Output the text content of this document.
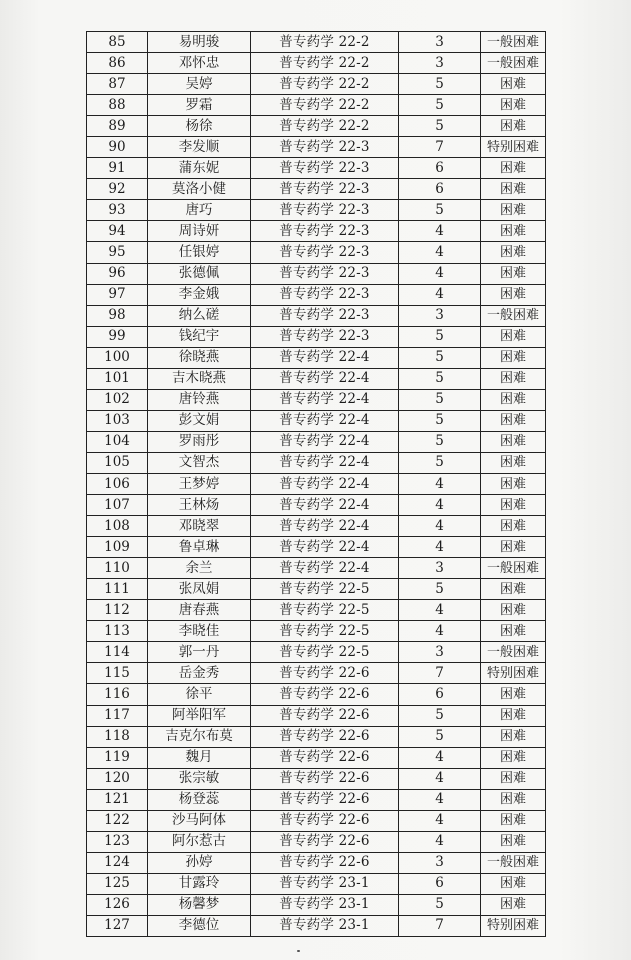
85	易明骏	普专药学 22-2	3	一般困难
86	邓怀忠	普专药学 22-2	3	一般困难
87	吴婷	普专药学 22-2	5	困难
88	罗霜	普专药学 22-2	5	困难
89	杨徐	普专药学 22-2	5	困难
90	李发顺	普专药学 22-3	7	特别困难
91	蒲东妮	普专药学 22-3	6	困难
92	莫洛小健	普专药学 22-3	6	困难
93	唐巧	普专药学 22-3	5	困难
94	周诗妍	普专药学 22-3	4	困难
95	任银婷	普专药学 22-3	4	困难
96	张德佩	普专药学 22-3	4	困难
97	李金娥	普专药学 22-3	4	困难
98	纳么磋	普专药学 22-3	3	一般困难
99	钱纪宇	普专药学 22-3	5	困难
100	徐晓燕	普专药学 22-4	5	困难
101	吉木晓燕	普专药学 22-4	5	困难
102	唐铃燕	普专药学 22-4	5	困难
103	彭文娟	普专药学 22-4	5	困难
104	罗雨彤	普专药学 22-4	5	困难
105	文智杰	普专药学 22-4	5	困难
106	王梦婷	普专药学 22-4	4	困难
107	王林炀	普专药学 22-4	4	困难
108	邓晓翠	普专药学 22-4	4	困难
109	鲁卓琳	普专药学 22-4	4	困难
110	余兰	普专药学 22-4	3	一般困难
111	张凤娟	普专药学 22-5	5	困难
112	唐春燕	普专药学 22-5	4	困难
113	李晓佳	普专药学 22-5	4	困难
114	郭一丹	普专药学 22-5	3	一般困难
115	岳金秀	普专药学 22-6	7	特别困难
116	徐平	普专药学 22-6	6	困难
117	阿举阳军	普专药学 22-6	5	困难
118	吉克尔布莫	普专药学 22-6	5	困难
119	魏月	普专药学 22-6	4	困难
120	张宗敏	普专药学 22-6	4	困难
121	杨登蕊	普专药学 22-6	4	困难
122	沙马阿体	普专药学 22-6	4	困难
123	阿尔惹古	普专药学 22-6	4	困难
124	孙婷	普专药学 22-6	3	一般困难
125	甘露玲	普专药学 23-1	6	困难
126	杨馨梦	普专药学 23-1	5	困难
127	李德位	普专药学 23-1	7	特别困难
